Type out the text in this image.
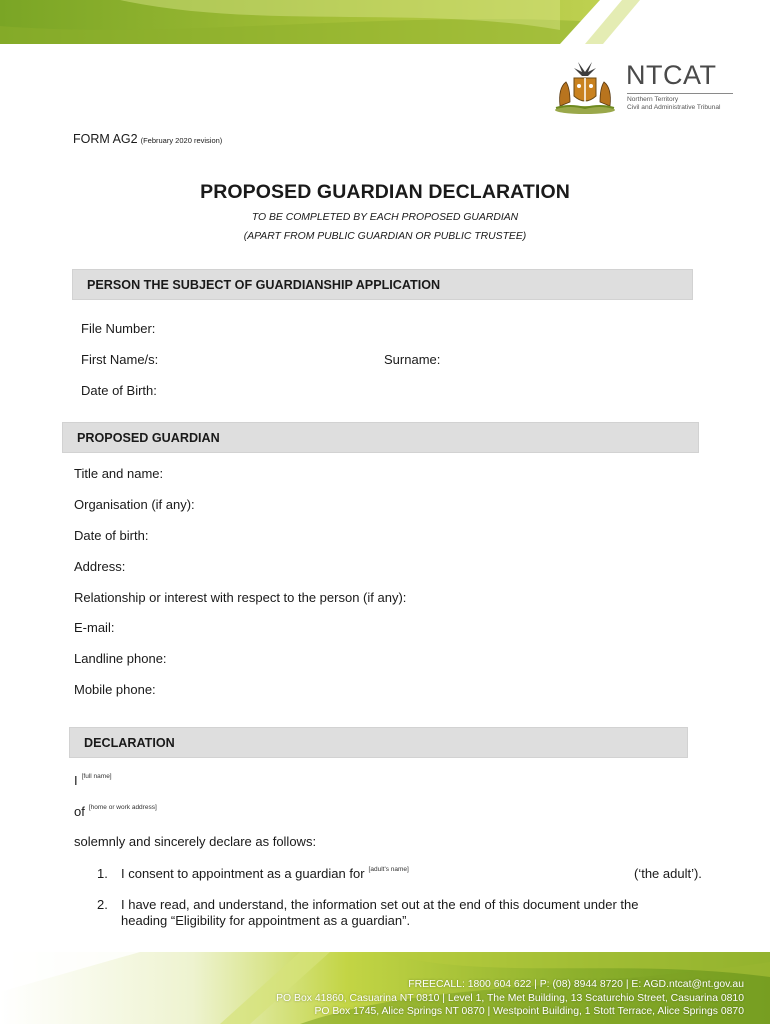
NTCAT
Northern Territory
Civil and Administrative Tribunal
FORM AG2 (February 2020 revision)
PROPOSED GUARDIAN DECLARATION
TO BE COMPLETED BY EACH PROPOSED GUARDIAN
(APART FROM PUBLIC GUARDIAN OR PUBLIC TRUSTEE)
PERSON THE SUBJECT OF GUARDIANSHIP APPLICATION
File Number:
First Name/s:	Surname:
Date of Birth:
PROPOSED GUARDIAN
Title and name:
Organisation (if any):
Date of birth:
Address:
Relationship or interest with respect to the person (if any):
E-mail:
Landline phone:
Mobile phone:
DECLARATION
I [full name]
of [home or work address]
solemnly and sincerely declare as follows:
1. I consent to appointment as a guardian for [adult's name]	(‘the adult’).
2. I have read, and understand, the information set out at the end of this document under the
heading “Eligibility for appointment as a guardian”.
FREECALL: 1800 604 622 | P: (08) 8944 8720 | E: AGD.ntcat@nt.gov.au
PO Box 41860, Casuarina NT 0810 | Level 1, The Met Building, 13 Scaturchio Street, Casuarina 0810
PO Box 1745, Alice Springs NT 0870 | Westpoint Building, 1 Stott Terrace, Alice Springs 0870
